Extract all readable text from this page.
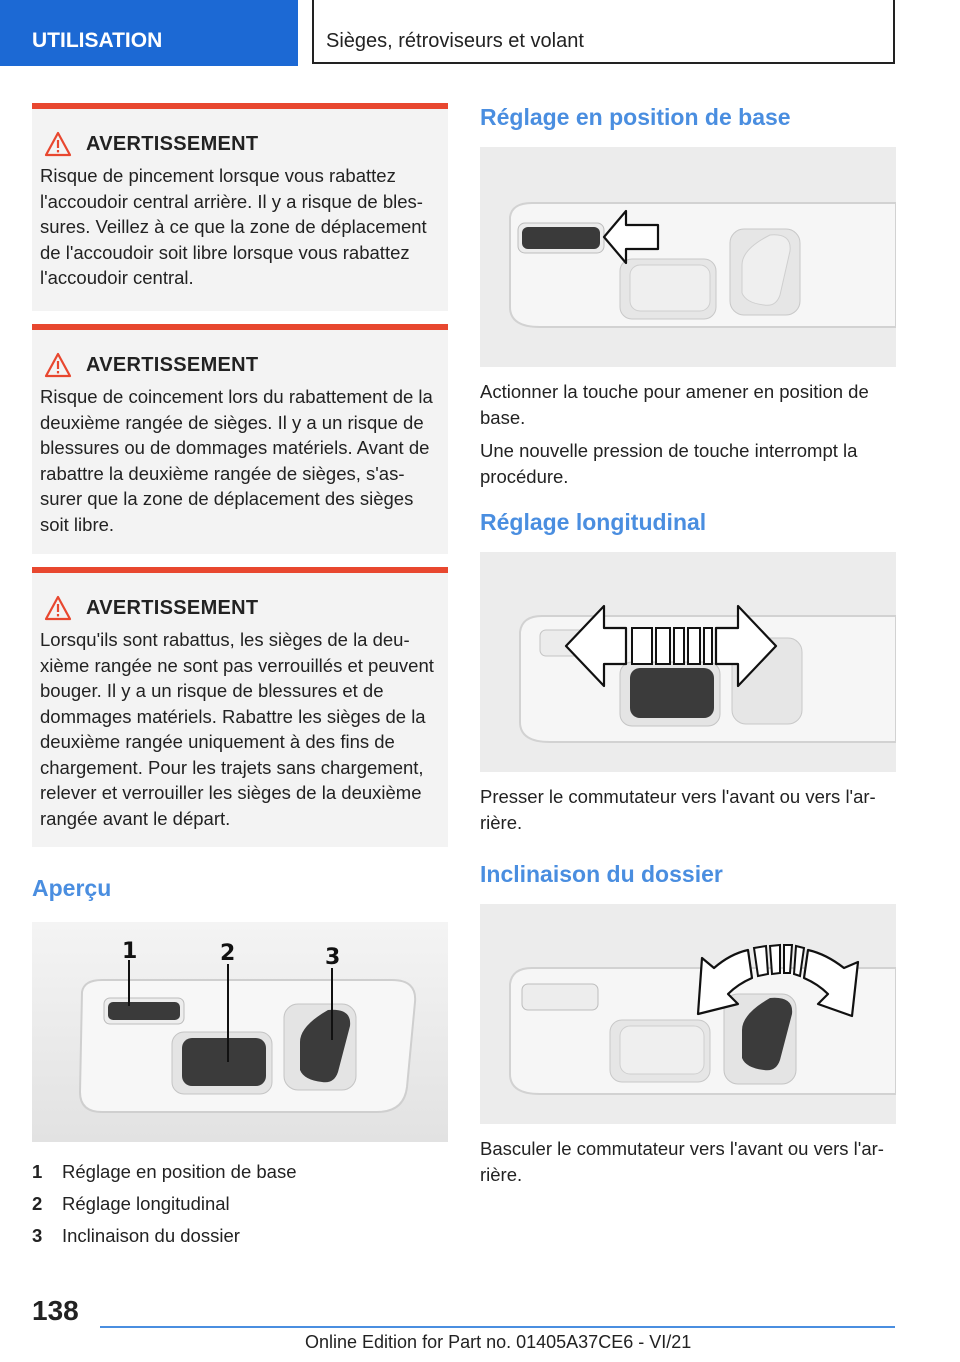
UTILISATION	Sièges, rétroviseurs et volant
AVERTISSEMENT
Risque de pincement lorsque vous rabattez l'accoudoir central arrière. Il y a risque de blessures. Veillez à ce que la zone de déplacement de l'accoudoir soit libre lorsque vous rabattez l'accoudoir central.
AVERTISSEMENT
Risque de coincement lors du rabattement de la deuxième rangée de sièges. Il y a un risque de blessures ou de dommages matériels. Avant de rabattre la deuxième rangée de sièges, s'assurer que la zone de déplacement des sièges soit libre.
AVERTISSEMENT
Lorsqu'ils sont rabattus, les sièges de la deuxième rangée ne sont pas verrouillés et peuvent bouger. Il y a un risque de blessures et de dommages matériels. Rabattre les sièges de la deuxième rangée uniquement à des fins de chargement. Pour les trajets sans chargement, relever et verrouiller les sièges de la deuxième rangée avant le départ.
Aperçu
1	2	3
1	Réglage en position de base
2	Réglage longitudinal
3	Inclinaison du dossier
Réglage en position de base

Actionner la touche pour amener en position de base.

Une nouvelle pression de touche interrompt la procédure.

Réglage longitudinal

Presser le commutateur vers l'avant ou vers l'arrière.

Inclinaison du dossier

Basculer le commutateur vers l'avant ou vers l'arrière.

138
Online Edition for Part no. 01405A37CE6 - VI/21
